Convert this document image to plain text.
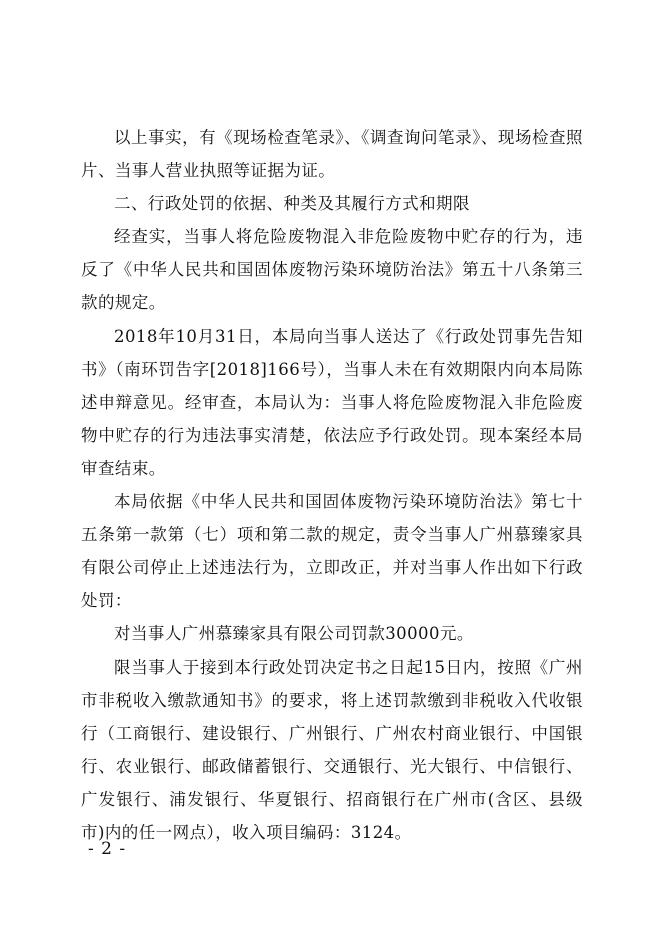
以上事实，有《现场检查笔录》、《调查询问笔录》、现场检查照片、当事人营业执照等证据为证。

二、行政处罚的依据、种类及其履行方式和期限

经查实，当事人将危险废物混入非危险废物中贮存的行为，违反了《中华人民共和国固体废物污染环境防治法》第五十八条第三款的规定。

2018年10月31日，本局向当事人送达了《行政处罚事先告知书》（南环罚告字[2018]166号），当事人未在有效期限内向本局陈述申辩意见。经审查，本局认为：当事人将危险废物混入非危险废物中贮存的行为违法事实清楚，依法应予行政处罚。现本案经本局审查结束。

本局依据《中华人民共和国固体废物污染环境防治法》第七十五条第一款第（七）项和第二款的规定，责令当事人广州慕臻家具有限公司停止上述违法行为，立即改正，并对当事人作出如下行政处罚：

对当事人广州慕臻家具有限公司罚款30000元。

限当事人于接到本行政处罚决定书之日起15日内，按照《广州市非税收入缴款通知书》的要求，将上述罚款缴到非税收入代收银行（工商银行、建设银行、广州银行、广州农村商业银行、中国银行、农业银行、邮政储蓄银行、交通银行、光大银行、中信银行、广发银行、浦发银行、华夏银行、招商银行在广州市(含区、县级市)内的任一网点），收入项目编码：3124。

- 2 -
